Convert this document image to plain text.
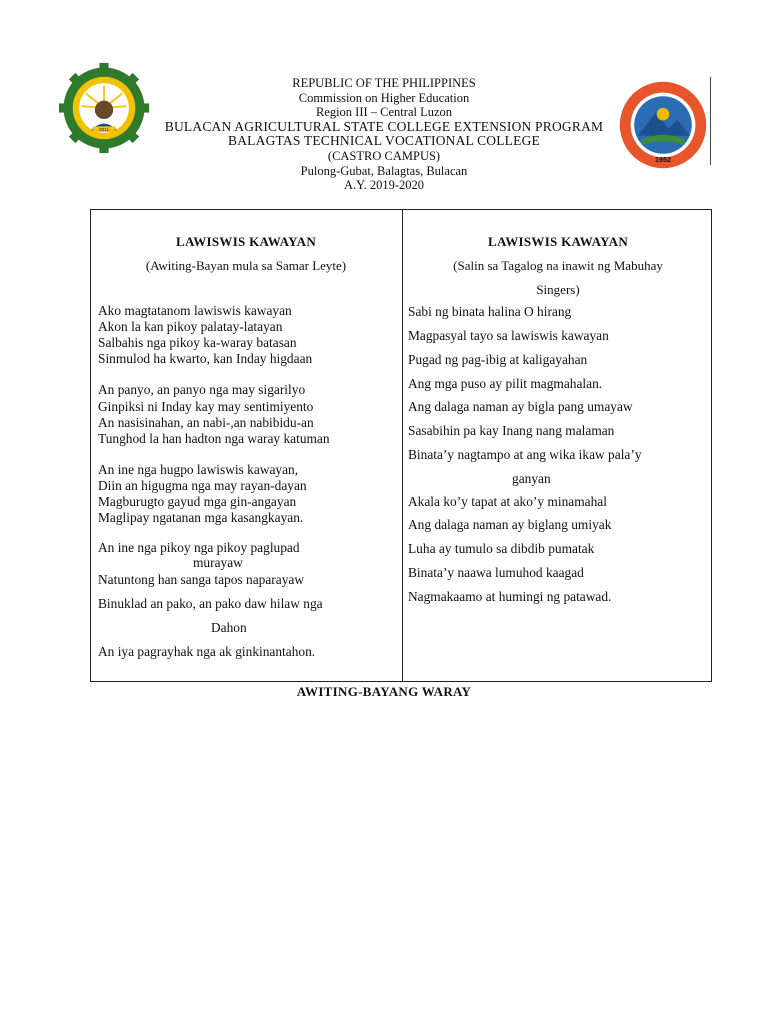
2011
1952
REPUBLIC OF THE PHILIPPINES
Commission on Higher Education
Region III – Central Luzon
BULACAN AGRICULTURAL STATE COLLEGE EXTENSION PROGRAM
BALAGTAS TECHNICAL VOCATIONAL COLLEGE
(CASTRO CAMPUS)
Pulong-Gubat, Balagtas, Bulacan
A.Y. 2019-2020
LAWISWIS KAWAYAN
(Awiting-Bayan mula sa Samar Leyte)
Ako magtatanom lawiswis kawayan
Akon la kan pikoy palatay-latayan
Salbahis nga pikoy ka-waray batasan
Sinmulod ha kwarto, kan Inday higdaan
An panyo, an panyo nga may sigarilyo
Ginpiksi ni Inday kay may sentimiyento
An nasisinahan, an nabi-,an nabibidu-an
Tunghod la han hadton nga waray katuman
An ine nga hugpo lawiswis kawayan,
Diin an higugma nga may rayan-dayan
Magburugto gayud mga gin-angayan
Maglipay ngatanan mga kasangkayan.
An ine nga pikoy nga pikoy paglupad
murayaw
Natuntong han sanga tapos naparayaw
Binuklad an pako, an pako daw hilaw nga
Dahon
An iya pagrayhak nga ak ginkinantahon.
LAWISWIS KAWAYAN
(Salin sa Tagalog na inawit ng Mabuhay
Singers)
Sabi ng binata halina O hirang
Magpasyal tayo sa lawiswis kawayan
Pugad ng pag-ibig at kaligayahan
Ang mga puso ay pilit magmahalan.
Ang dalaga naman ay bigla pang umayaw
Sasabihin pa kay Inang nang malaman
Binata’y nagtampo at ang wika ikaw pala’y
ganyan
Akala ko’y tapat at ako’y minamahal
Ang dalaga naman ay biglang umiyak
Luha ay tumulo sa dibdib pumatak
Binata’y naawa lumuhod kaagad
Nagmakaamo at humingi ng patawad.
AWITING-BAYANG WARAY
